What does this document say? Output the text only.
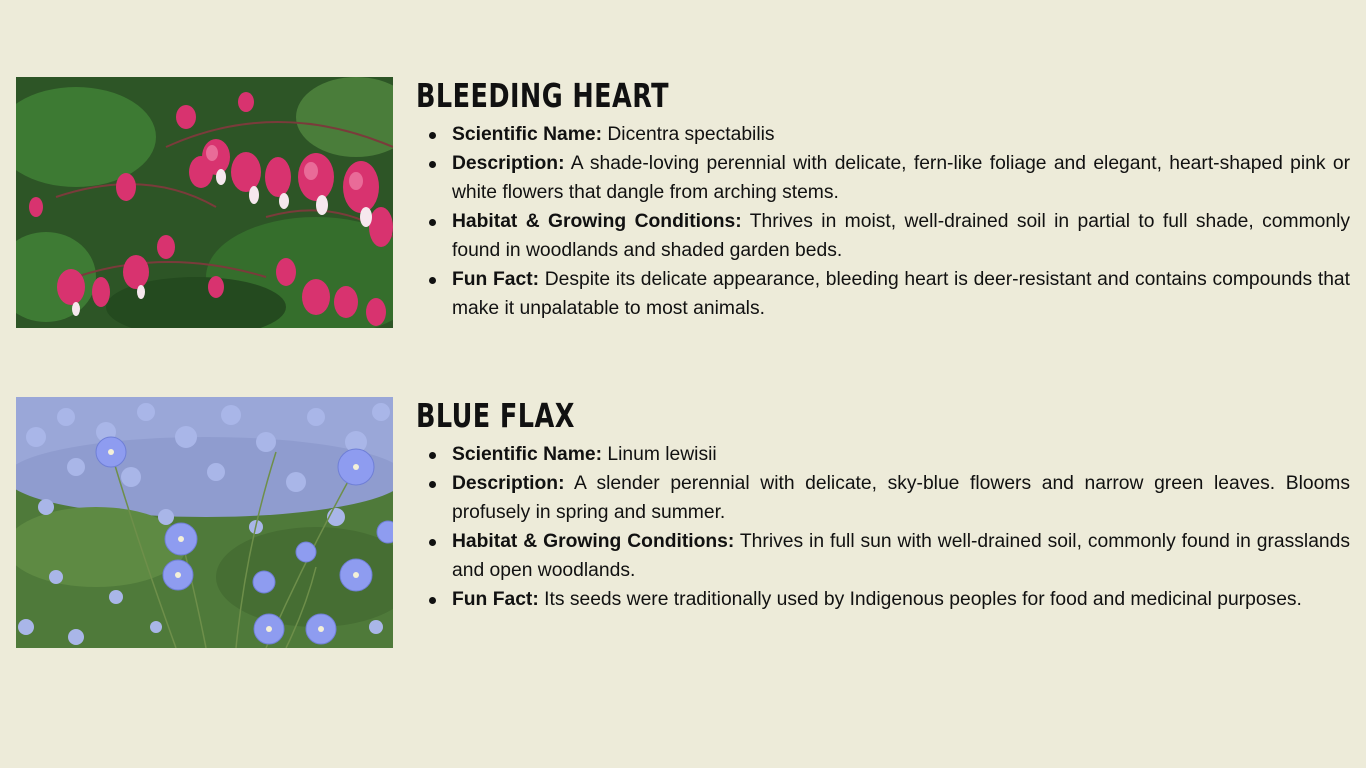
BLEEDING HEART
Scientific Name: Dicentra spectabilis
Description: A shade-loving perennial with delicate, fern-like foliage and elegant, heart-shaped pink or white flowers that dangle from arching stems.
Habitat & Growing Conditions: Thrives in moist, well-drained soil in partial to full shade, commonly found in woodlands and shaded garden beds.
Fun Fact: Despite its delicate appearance, bleeding heart is deer-resistant and contains compounds that make it unpalatable to most animals.
BLUE FLAX
Scientific Name: Linum lewisii
Description: A slender perennial with delicate, sky-blue flowers and narrow green leaves. Blooms profusely in spring and summer.
Habitat & Growing Conditions: Thrives in full sun with well-drained soil, commonly found in grasslands and open woodlands.
Fun Fact: Its seeds were traditionally used by Indigenous peoples for food and medicinal purposes.
